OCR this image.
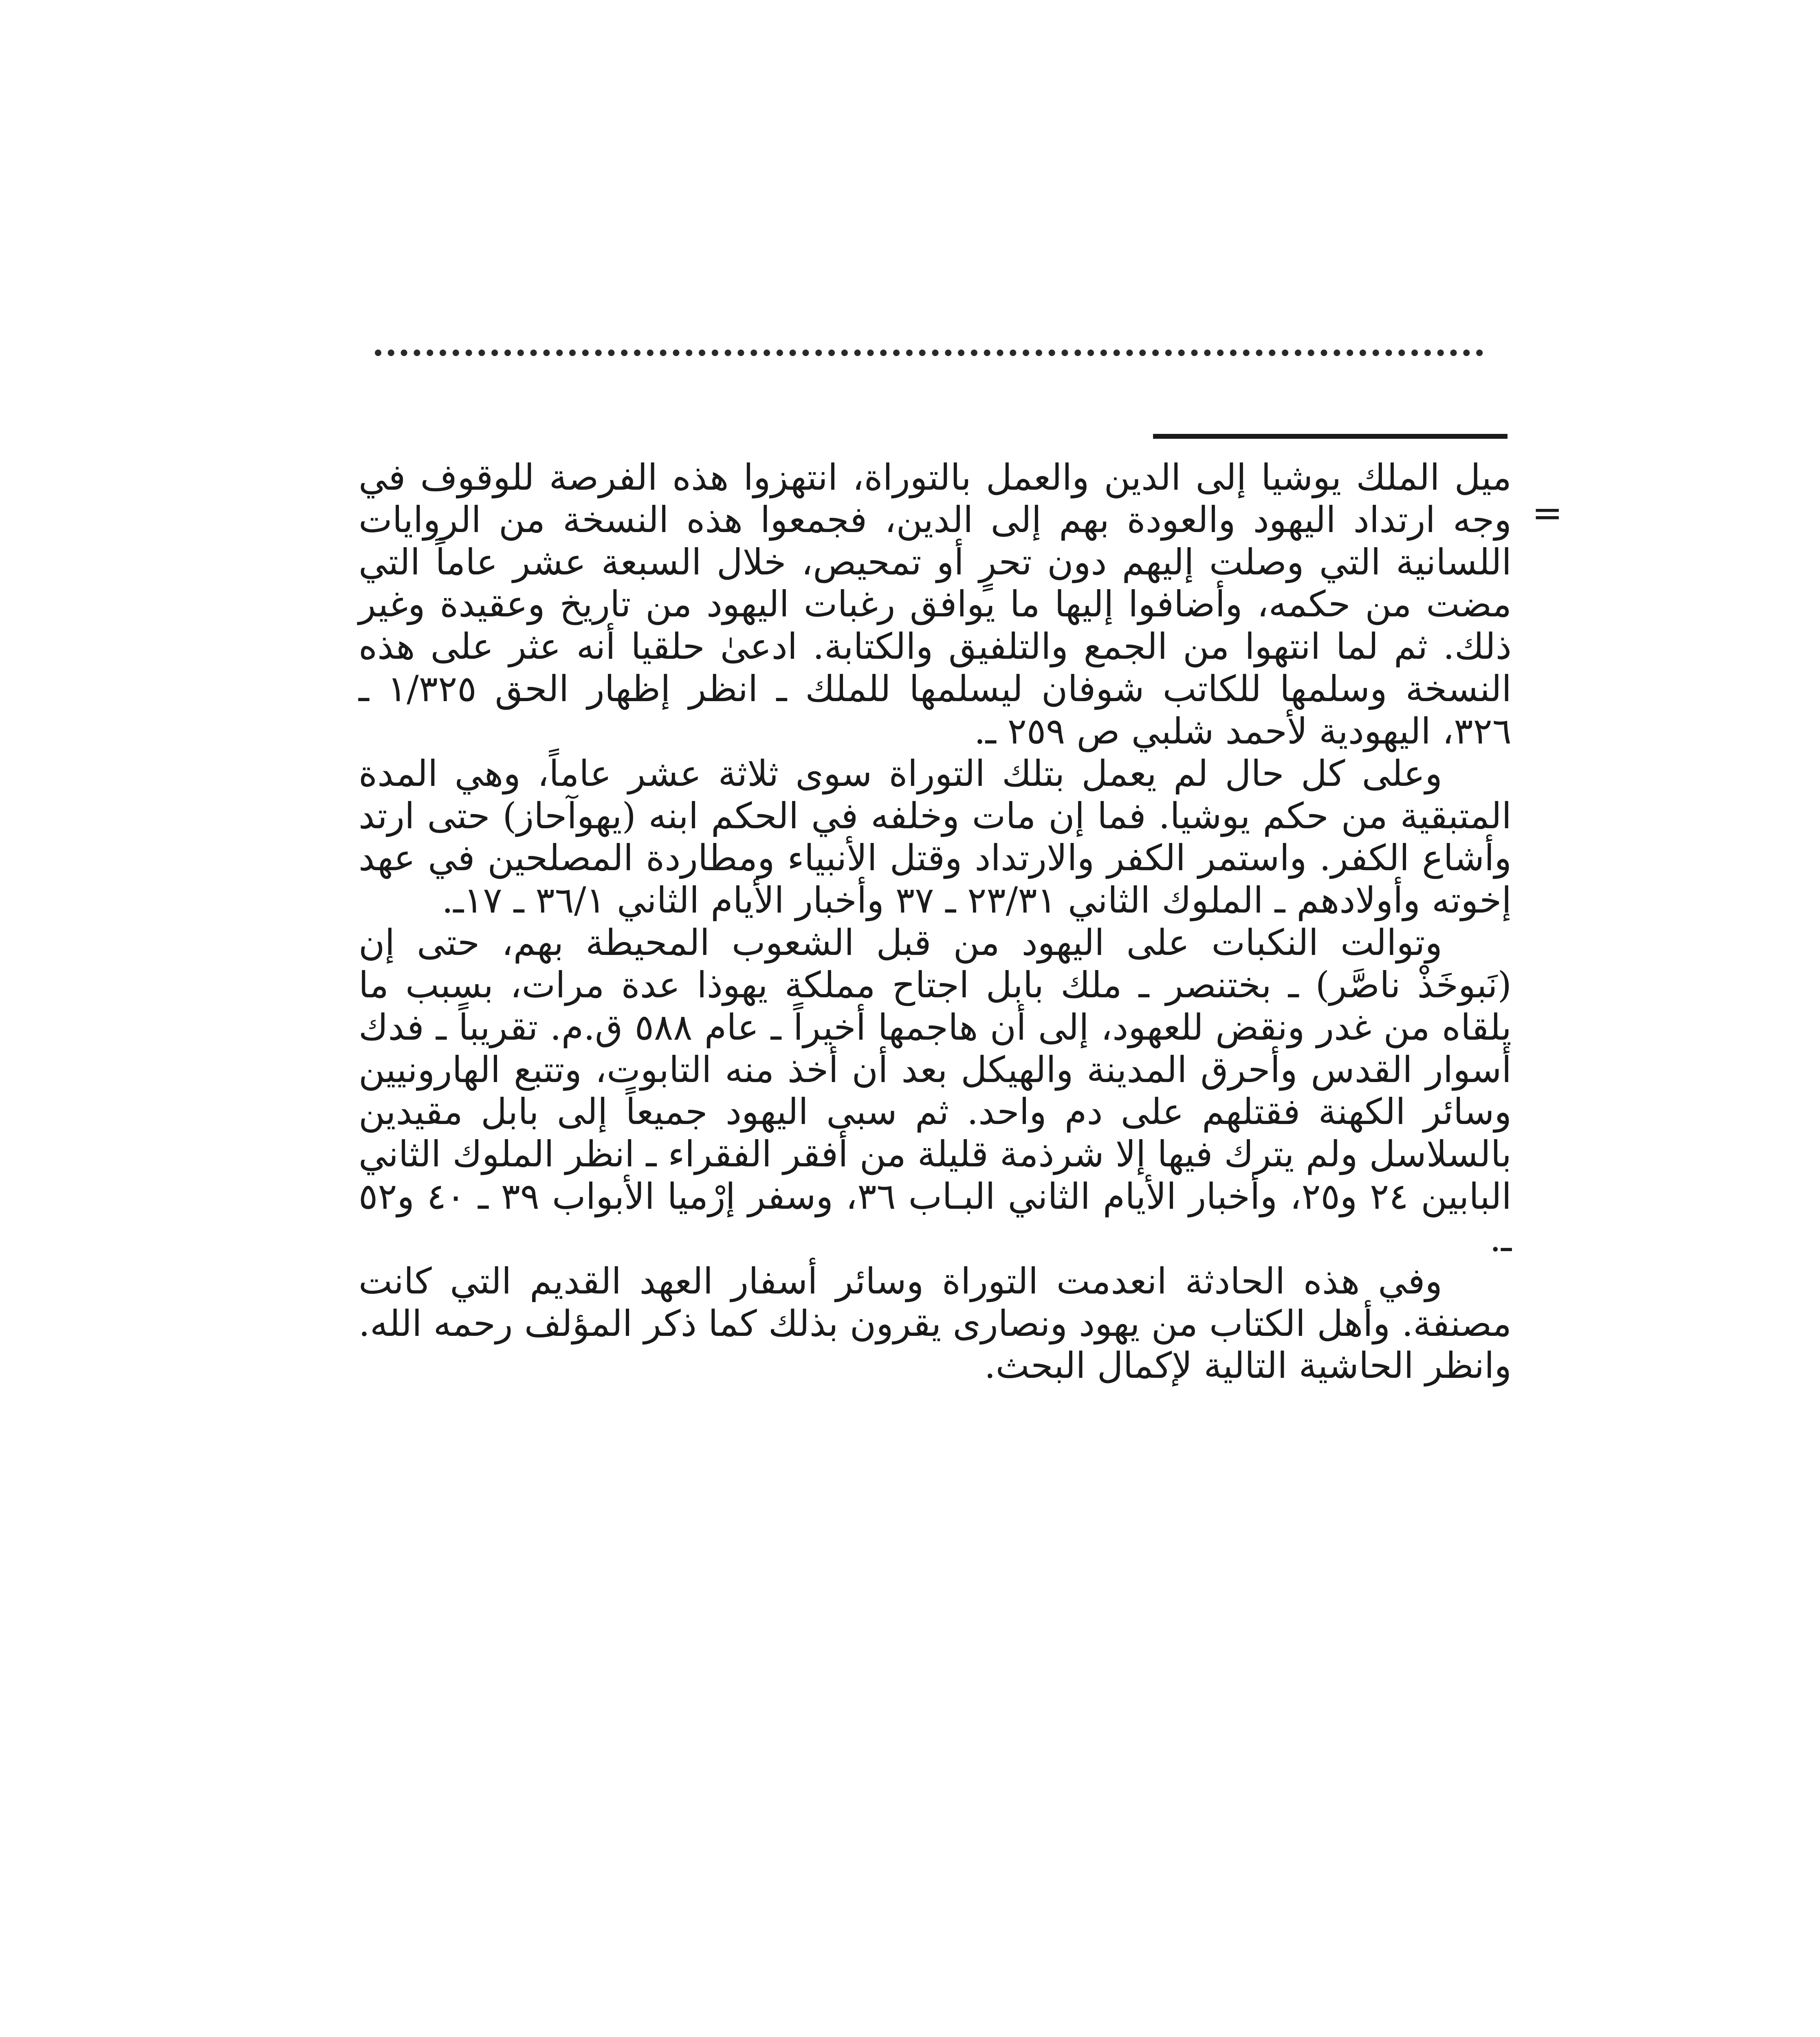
=

ميل الملك يوشيا إلى الدين والعمل بالتوراة، انتهزوا هذه الفرصة للوقوف في وجه ارتداد اليهود والعودة بهم إلى الدين، فجمعوا هذه النسخة من الروايات اللسانية التي وصلت إليهم دون تحرٍ أو تمحيص، خلال السبعة عشر عاماً التي مضت من حكمه، وأضافوا إليها ما يوافق رغبات اليهود من تاريخ وعقيدة وغير ذلك. ثم لما انتهوا من الجمع والتلفيق والكتابة. ادعىٰ حلقيا أنه عثر على هذه النسخة وسلمها للكاتب شوفان ليسلمها للملك ـ انظر إظهار الحق ١/٣٢٥ ـ ٣٢٦، اليهودية لأحمد شلبي ص ٢٥٩ ـ.

وعلى كل حال لم يعمل بتلك التوراة سوى ثلاثة عشر عاماً، وهي المدة المتبقية من حكم يوشيا. فما إن مات وخلفه في الحكم ابنه (يهوآحاز) حتى ارتد وأشاع الكفر. واستمر الكفر والارتداد وقتل الأنبياء ومطاردة المصلحين في عهد إخوته وأولادهم ـ الملوك الثاني ٢٣/٣١ ـ ٣٧ وأخبار الأيام الثاني ٣٦/١ ـ ١٧ـ.

وتوالت النكبات على اليهود من قبل الشعوب المحيطة بهم، حتى إن (نَبوخَذْ ناصَّر) ـ بختنصر ـ ملك بابل اجتاح مملكة يهوذا عدة مرات، بسبب ما يلقاه من غدر ونقض للعهود، إلى أن هاجمها أخيراً ـ عام ٥٨٨ ق.م. تقريباً ـ فدك أسوار القدس وأحرق المدينة والهيكل بعد أن أخذ منه التابوت، وتتبع الهارونيين وسائر الكهنة فقتلهم على دم واحد. ثم سبى اليهود جميعاً إلى بابل مقيدين بالسلاسل ولم يترك فيها إلا شرذمة قليلة من أفقر الفقراء ـ انظر الملوك الثاني البابين ٢٤ و٢٥، وأخبار الأيام الثاني البـاب ٣٦، وسفر إرْميا الأبواب ٣٩ ـ ٤٠ و٥٢ ـ.

وفي هذه الحادثة انعدمت التوراة وسائر أسفار العهد القديم التي كانت مصنفة. وأهل الكتاب من يهود ونصارى يقرون بذلك كما ذكر المؤلف رحمه الله. وانظر الحاشية التالية لإكمال البحث.
